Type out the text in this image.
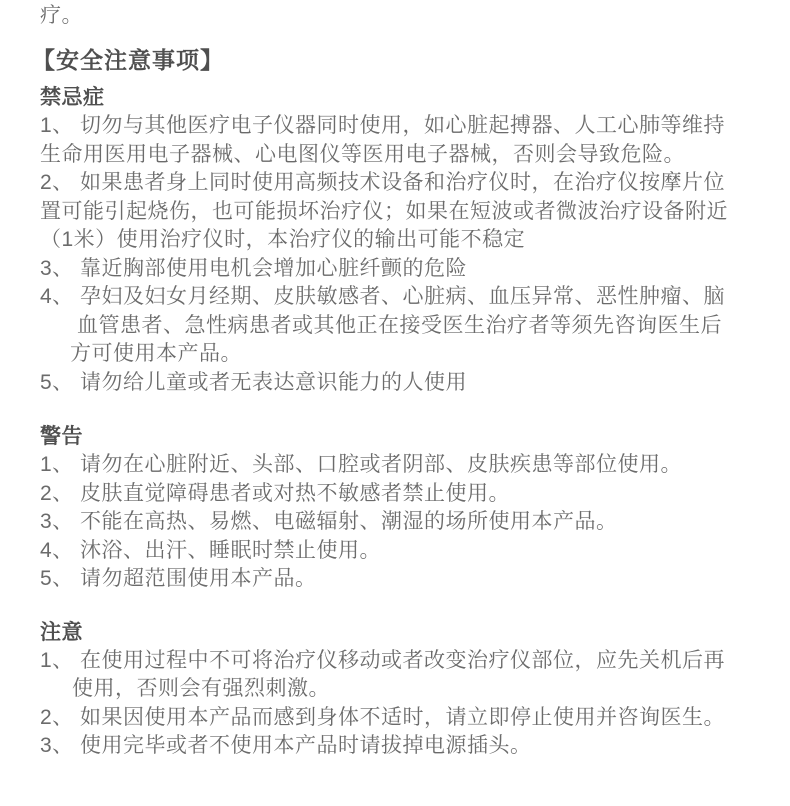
疗。
【安全注意事项】
禁忌症
1、 切勿与其他医疗电子仪器同时使用，如心脏起搏器、人工心肺等维持
生命用医用电子器械、心电图仪等医用电子器械，否则会导致危险。
2、 如果患者身上同时使用高频技术设备和治疗仪时，在治疗仪按摩片位
置可能引起烧伤，也可能损坏治疗仪；如果在短波或者微波治疗设备附近
（1米）使用治疗仪时，本治疗仪的输出可能不稳定
3、 靠近胸部使用电机会增加心脏纤颤的危险
4、 孕妇及妇女月经期、皮肤敏感者、心脏病、血压异常、恶性肿瘤、脑
血管患者、急性病患者或其他正在接受医生治疗者等须先咨询医生后
方可使用本产品。
5、 请勿给儿童或者无表达意识能力的人使用
警告
1、 请勿在心脏附近、头部、口腔或者阴部、皮肤疾患等部位使用。
2、 皮肤直觉障碍患者或对热不敏感者禁止使用。
3、 不能在高热、易燃、电磁辐射、潮湿的场所使用本产品。
4、 沐浴、出汗、睡眠时禁止使用。
5、 请勿超范围使用本产品。
注意
1、 在使用过程中不可将治疗仪移动或者改变治疗仪部位，应先关机后再
使用，否则会有强烈刺激。
2、 如果因使用本产品而感到身体不适时，请立即停止使用并咨询医生。
3、 使用完毕或者不使用本产品时请拔掉电源插头。
